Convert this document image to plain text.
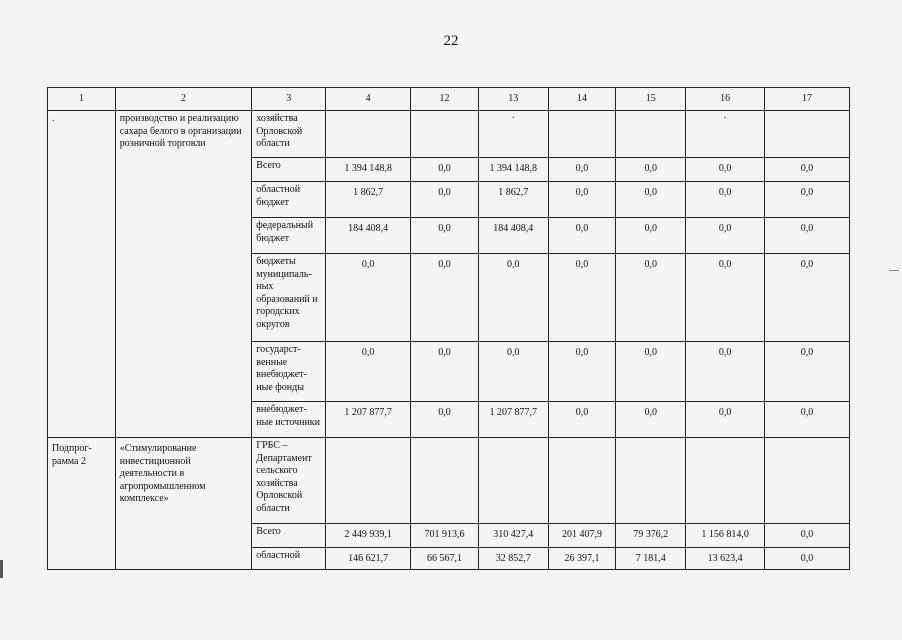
22
1	2	3	4	12	13	14	15	16	17
.	производство и реализацию сахара белого в организации розничной торговли	хозяйства Орловской области			·			·	
		Всего	1 394 148,8	0,0	1 394 148,8	0,0	0,0	0,0	0,0
		областной бюджет	1 862,7	0,0	1 862,7	0,0	0,0	0,0	0,0
		федеральный бюджет	184 408,4	0,0	184 408,4	0,0	0,0	0,0	0,0
		бюджеты муниципаль-ных образований и городских округов	0,0	0,0	0,0	0,0	0,0	0,0	0,0
		государст-венные внебюджет-ные фонды	0,0	0,0	0,0	0,0	0,0	0,0	0,0
		внебюджет-ные источники	1 207 877,7	0,0	1 207 877,7	0,0	0,0	0,0	0,0
Подпрог-рамма 2	«Стимулирование инвестиционной деятельности в агропромышленном комплексе»	ГРБС – Департамент сельского хозяйства Орловской области							
		Всего	2 449 939,1	701 913,6	310 427,4	201 407,9	79 376,2	1 156 814,0	0,0
		областной	146 621,7	66 567,1	32 852,7	26 397,1	7 181,4	13 623,4	0,0
